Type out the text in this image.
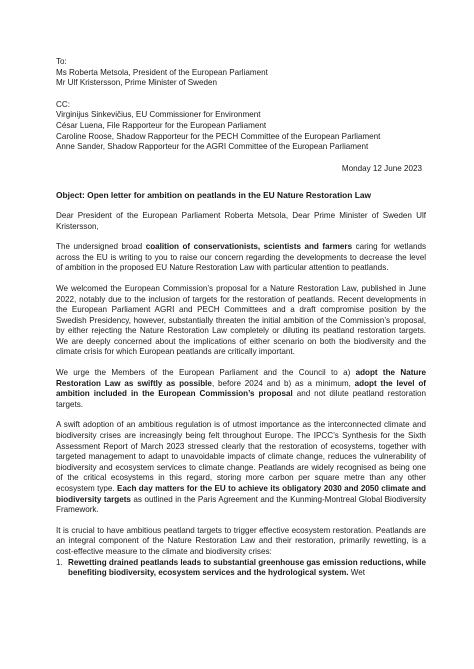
To:
Ms Roberta Metsola, President of the European Parliament
Mr Ulf Kristersson, Prime Minister of Sweden
CC:
Virginijus Sinkevičius, EU Commissioner for Environment
César Luena, File Rapporteur for the European Parliament
Caroline Roose, Shadow Rapporteur for the PECH Committee of the European Parliament
Anne Sander, Shadow Rapporteur for the AGRI Committee of the European Parliament
Monday 12 June 2023
Object: Open letter for ambition on peatlands in the EU Nature Restoration Law

Dear President of the European Parliament Roberta Metsola, Dear Prime Minister of Sweden Ulf Kristersson,

The undersigned broad coalition of conservationists, scientists and farmers caring for wetlands across the EU is writing to you to raise our concern regarding the developments to decrease the level of ambition in the proposed EU Nature Restoration Law with particular attention to peatlands.

We welcomed the European Commission’s proposal for a Nature Restoration Law, published in June 2022, notably due to the inclusion of targets for the restoration of peatlands. Recent developments in the European Parliament AGRI and PECH Committees and a draft compromise position by the Swedish Presidency, however, substantially threaten the initial ambition of the Commission’s proposal, by either rejecting the Nature Restoration Law completely or diluting its peatland restoration targets. We are deeply concerned about the implications of either scenario on both the biodiversity and the climate crisis for which European peatlands are critically important.

We urge the Members of the European Parliament and the Council to a) adopt the Nature Restoration Law as swiftly as possible, before 2024 and b) as a minimum, adopt the level of ambition included in the European Commission’s proposal and not dilute peatland restoration targets.

A swift adoption of an ambitious regulation is of utmost importance as the interconnected climate and biodiversity crises are increasingly being felt throughout Europe. The IPCC’s Synthesis for the Sixth Assessment Report of March 2023 stressed clearly that the restoration of ecosystems, together with targeted management to adapt to unavoidable impacts of climate change, reduces the vulnerability of biodiversity and ecosystem services to climate change. Peatlands are widely recognised as being one of the critical ecosystems in this regard, storing more carbon per square metre than any other ecosystem type. Each day matters for the EU to achieve its obligatory 2030 and 2050 climate and biodiversity targets as outlined in the Paris Agreement and the Kunming-Montreal Global Biodiversity Framework.

It is crucial to have ambitious peatland targets to trigger effective ecosystem restoration. Peatlands are an integral component of the Nature Restoration Law and their restoration, primarily rewetting, is a cost-effective measure to the climate and biodiversity crises:

1. Rewetting drained peatlands leads to substantial greenhouse gas emission reductions, while benefiting biodiversity, ecosystem services and the hydrological system. Wet
